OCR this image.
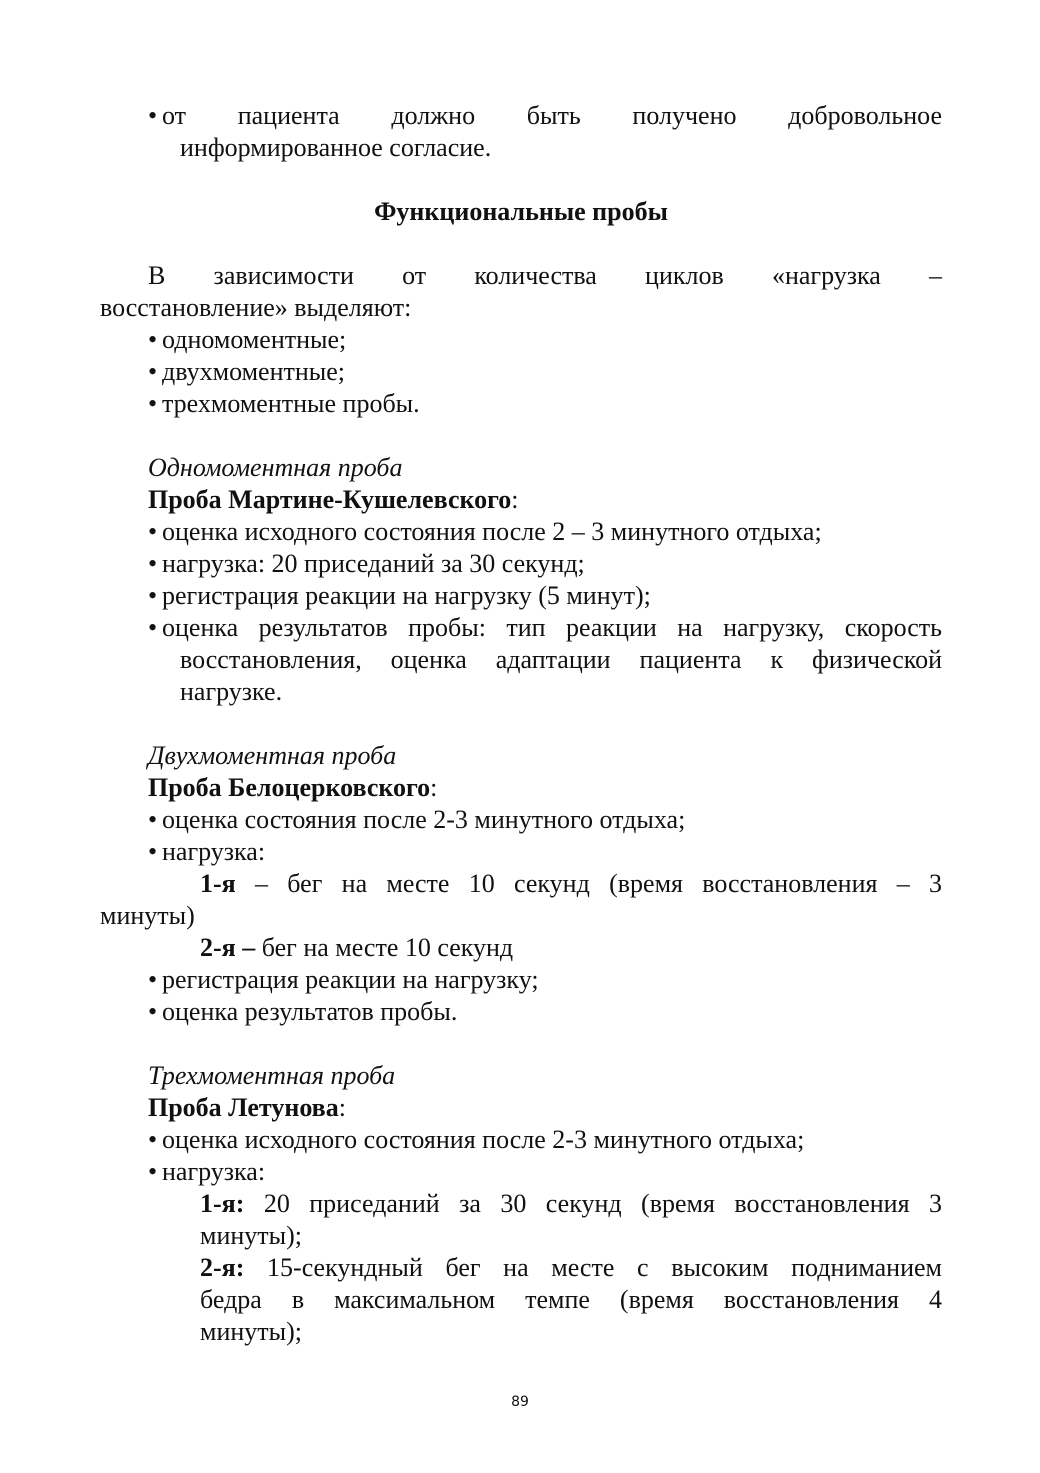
• от пациента должно быть получено добровольное
информированное согласие.
Функциональные пробы
В зависимости от количества циклов «нагрузка –
восстановление» выделяют:
• одномоментные;
• двухмоментные;
• трехмоментные пробы.
Одномоментная проба
Проба Мартине-Кушелевского:
• оценка исходного состояния после 2 – 3 минутного отдыха;
• нагрузка: 20 приседаний за 30 секунд;
• регистрация реакции на нагрузку (5 минут);
• оценка результатов пробы: тип реакции на нагрузку, скорость
восстановления, оценка адаптации пациента к физической
нагрузке.
Двухмоментная проба
Проба Белоцерковского:
• оценка состояния после 2-3 минутного отдыха;
• нагрузка:
1-я – бег на месте 10 секунд (время восстановления – 3
минуты)
2-я – бег на месте 10 секунд
• регистрация реакции на нагрузку;
• оценка результатов пробы.
Трехмоментная проба
Проба Летунова:
• оценка исходного состояния после 2-3 минутного отдыха;
• нагрузка:
1-я: 20 приседаний за 30 секунд (время восстановления 3
минуты);
2-я: 15-секундный бег на месте с высоким подниманием
бедра в максимальном темпе (время восстановления 4
минуты);
89
